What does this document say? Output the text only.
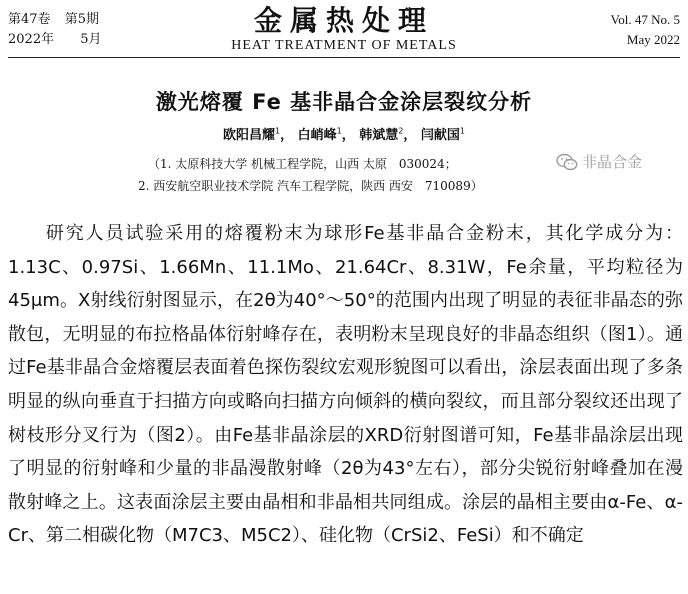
第47卷 第5期
2022年 5月
金属热处理
HEAT TREATMENT OF METALS
Vol. 47 No. 5
May 2022
激光熔覆 Fe 基非晶合金涂层裂纹分析
欧阳昌耀$^1$， 白峭峰$^1$， 韩斌慧$^2$， 闫献国$^1$
（1. 太原科技大学 机械工程学院，山西 太原　030024；
2. 西安航空职业技术学院 汽车工程学院，陕西 西安　710089）
非晶合金
研究人员试验采用的熔覆粉末为球形Fe基非晶合金粉末，其化学成分为：1.13C、0.97Si、1.66Mn、11.1Mo、21.64Cr、8.31W，Fe余量，平均粒径为45μm。X射线衍射图显示，在2θ为40°～50°的范围内出现了明显的表征非晶态的弥散包，无明显的布拉格晶体衍射峰存在，表明粉末呈现良好的非晶态组织（图1）。通过Fe基非晶合金熔覆层表面着色探伤裂纹宏观形貌图可以看出，涂层表面出现了多条明显的纵向垂直于扫描方向或略向扫描方向倾斜的横向裂纹，而且部分裂纹还出现了树枝形分叉行为（图2）。由Fe基非晶涂层的XRD衍射图谱可知，Fe基非晶涂层出现了明显的衍射峰和少量的非晶漫散射峰（2θ为43°左右），部分尖锐衍射峰叠加在漫散射峰之上。这表面涂层主要由晶相和非晶相共同组成。涂层的晶相主要由α-Fe、α-Cr、第二相碳化物（M7C3、M5C2）、硅化物（CrSi2、FeSi）和不确定
